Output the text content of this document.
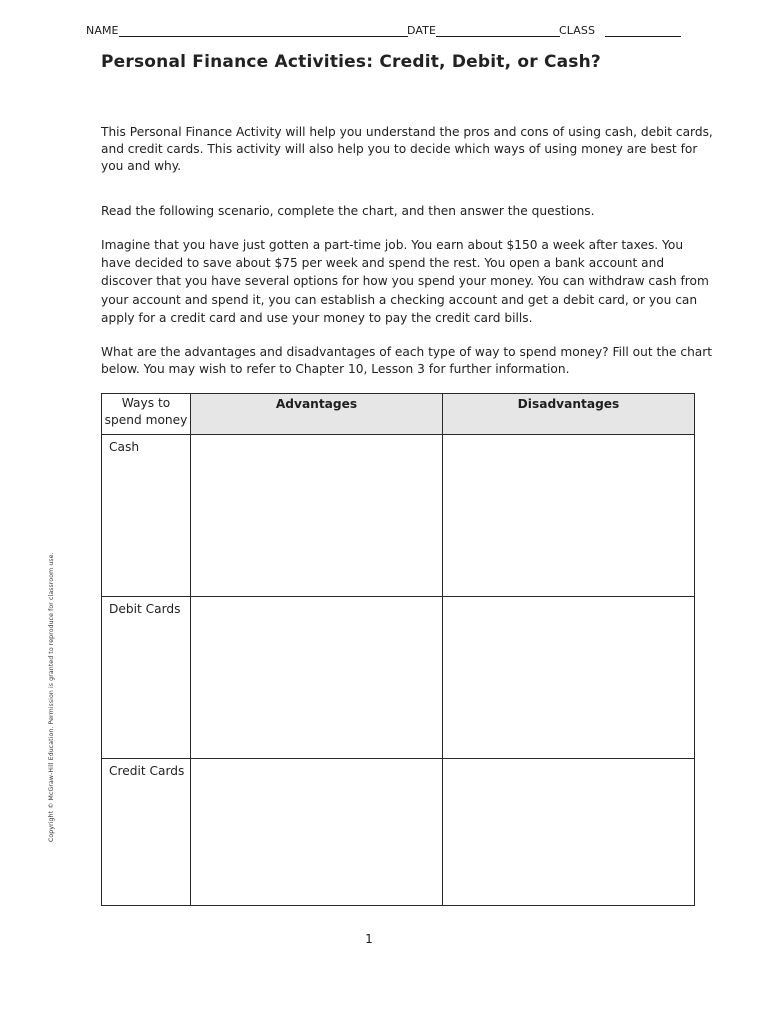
NAME	DATE	CLASS
Personal Finance Activities: Credit, Debit, or Cash?
This Personal Finance Activity will help you understand the pros and cons of using cash, debit cards, and credit cards. This activity will also help you to decide which ways of using money are best for you and why.
Read the following scenario, complete the chart, and then answer the questions.
Imagine that you have just gotten a part-time job. You earn about $150 a week after taxes. You have decided to save about $75 per week and spend the rest. You open a bank account and discover that you have several options for how you spend your money. You can withdraw cash from your account and spend it, you can establish a checking account and get a debit card, or you can apply for a credit card and use your money to pay the credit card bills.
What are the advantages and disadvantages of each type of way to spend money? Fill out the chart below. You may wish to refer to Chapter 10, Lesson 3 for further information.
Ways to spend money	Advantages	Disadvantages
Cash		
Debit Cards		
Credit Cards		
Copyright © McGraw-Hill Education. Permission is granted to reproduce for classroom use.
1
